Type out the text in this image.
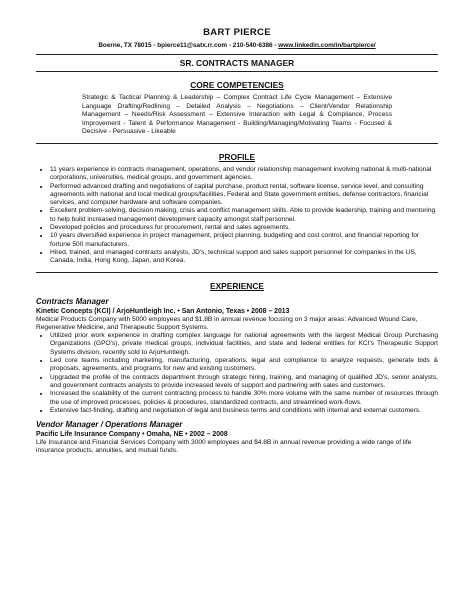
BART PIERCE
Boerne, TX 78015 - bpierce11@satx.rr.com - 210-540-6386 - www.linkedin.com/in/bartpierce/
SR. CONTRACTS MANAGER
CORE COMPETENCIES
Strategic & Tactical Planning & Leadership – Complex Contract Life Cycle Management – Extensive Language Drafting/Redlining – Detailed Analysis – Negotiations – Client/Vendor Relationship Management – Needs/Risk Assessment – Extensive Interaction with Legal & Compliance, Process Improvement - Talent & Performance Management - Building/Managing/Motivating Teams - Focused & Decisive - Persuasive - Likeable
PROFILE
• 11 years experience in contracts management, operations, and vendor relationship management involving national & multi-national corporations, universities, medical groups, and government agencies.
• Performed advanced drafting and negotiations of capital purchase, product rental, software license, service level, and consulting agreements with national and local medical groups/facilities, Federal and State government entities, defense contractors, financial services, and computer hardware and software companies.
• Excellent problem-solving, decision making, crisis and conflict management skills. Able to provide leadership, training and mentoring to help build increased management development capacity amongst staff personnel.
• Developed policies and procedures for procurement, rental and sales agreements.
• 10 years diversified experience in project management, project planning, budgeting and cost control, and financial reporting for fortune 500 manufacturers.
• Hired, trained, and managed contracts analysts, JD's, technical support and sales support personnel for companies in the US, Canada, India, Hong Kong, Japan, and Korea.
EXPERIENCE
Contracts Manager
Kinetic Concepts (KCI) / ArjoHuntleigh Inc. • San Antonio, Texas • 2008 – 2013
Medical Products Company with 5000 employees and $1.8B in annual revenue focusing on 3 major areas: Advanced Wound Care, Regenerative Medicine, and Therapeutic Support Systems.
• Utilized prior work experience in drafting complex language for national agreements with the largest Medical Group Purchasing Organizations (GPO's), private medical groups, individual facilities, and state and federal entities for KCI's Therapeutic Support Systems division, recently sold to ArjoHuntleigh.
• Led core teams including marketing, manufacturing, operations, legal and compliance to analyze requests, generate bids & proposals, agreements, and programs for new and existing customers.
• Upgraded the profile of the contracts department through strategic hiring, training, and managing of qualified JD's, senior analysts, and government contracts analysts to provide increased levels of support and partnering with sales and customers.
• Increased the scalability of the current contracting process to handle 30% more volume with the same number of resources through the use of improved processes, policies & procedures, standardized contracts, and streamlined work-flows.
• Extensive fact-finding, drafting and negotiation of legal and business terms and conditions with internal and external customers.
Vendor Manager / Operations Manager
Pacific Life Insurance Company • Omaha, NE • 2002 – 2008
Life Insurance and Financial Services Company with 3000 employees and $4.8B in annual revenue providing a wide range of life insurance products, annuities, and mutual funds.
